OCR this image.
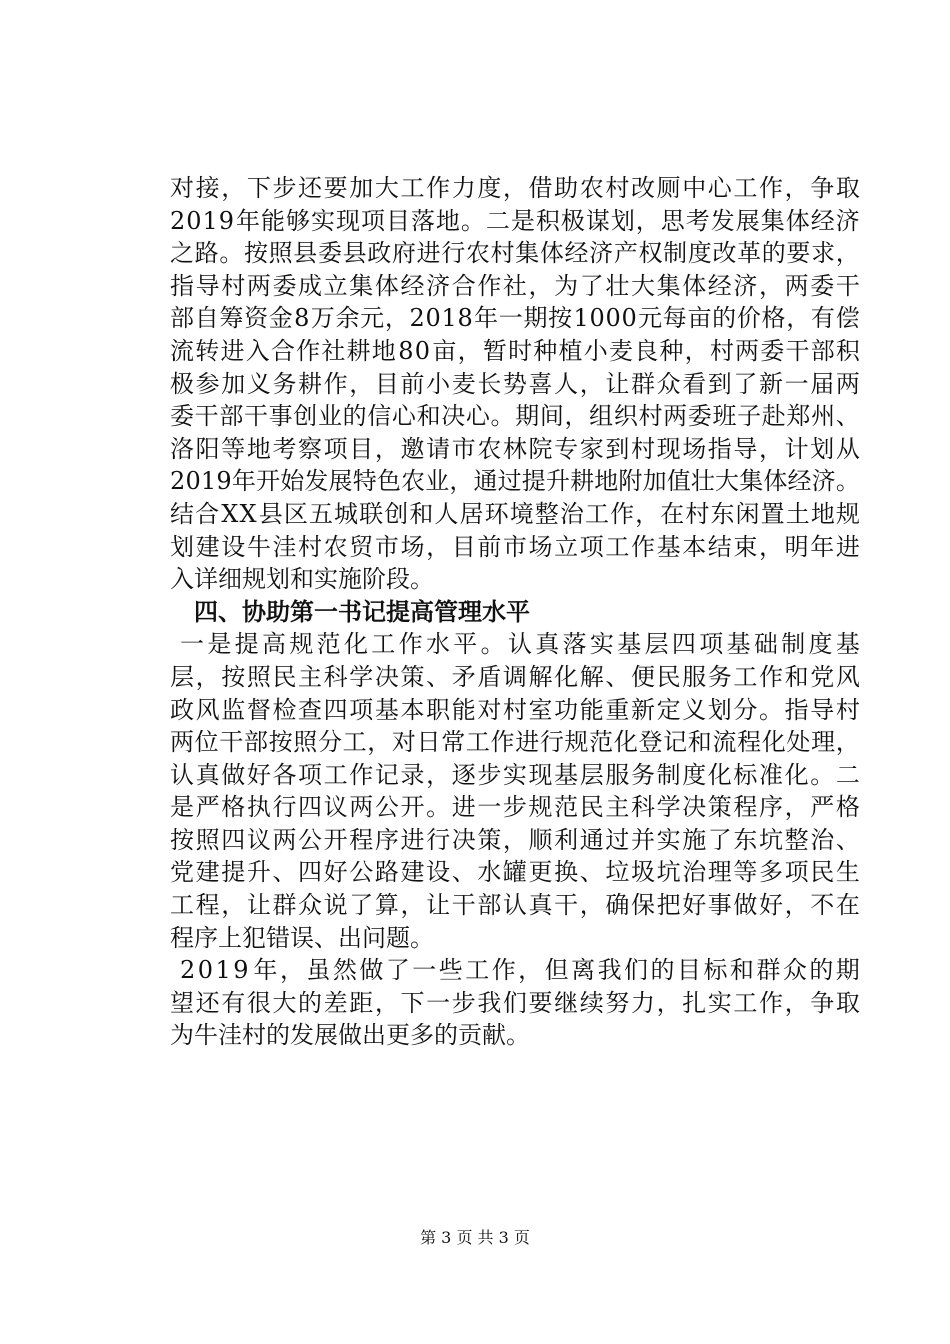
对 接 ， 下 步 还 要 加 大 工 作 力 度 ， 借 助 农 村 改 厕 中 心 工 作 ， 争 取
2 0 1 9 年 能 够 实 现 项 目 落 地 。 二 是 积 极 谋 划 ， 思 考 发 展 集 体 经 济
之 路 。 按 照 县 委 县 政 府 进 行 农 村 集 体 经 济 产 权 制 度 改 革 的 要 求 ，
指 导 村 两 委 成 立 集 体 经 济 合 作 社 ， 为 了 壮 大 集 体 经 济 ， 两 委 干
部 自 筹 资 金 8 万 余 元 ， 2 0 1 8 年 一 期 按 1 0 0 0 元 每 亩 的 价 格 ， 有 偿
流 转 进 入 合 作 社 耕 地 8 0 亩 ， 暂 时 种 植 小 麦 良 种 ， 村 两 委 干 部 积
极 参 加 义 务 耕 作 ， 目 前 小 麦 长 势 喜 人 ， 让 群 众 看 到 了 新 一 届 两
委 干 部 干 事 创 业 的 信 心 和 决 心 。 期 间 ， 组 织 村 两 委 班 子 赴 郑 州 、
洛 阳 等 地 考 察 项 目 ， 邀 请 市 农 林 院 专 家 到 村 现 场 指 导 ， 计 划 从
2 0 1 9 年 开 始 发 展 特 色 农 业 ， 通 过 提 升 耕 地 附 加 值 壮 大 集 体 经 济 。
结 合 X X 县 区 五 城 联 创 和 人 居 环 境 整 治 工 作 ， 在 村 东 闲 置 土 地 规
划 建 设 牛 洼 村 农 贸 市 场 ， 目 前 市 场 立 项 工 作 基 本 结 束 ， 明 年 进
入详细规划和实施阶段。
四、协助第一书记提高管理水平
一 是 提 高 规 范 化 工 作 水 平 。 认 真 落 实 基 层 四 项 基 础 制 度 基
层 ， 按 照 民 主 科 学 决 策 、 矛 盾 调 解 化 解 、 便 民 服 务 工 作 和 党 风
政 风 监 督 检 查 四 项 基 本 职 能 对 村 室 功 能 重 新 定 义 划 分 。 指 导 村
两 位 干 部 按 照 分 工 ， 对 日 常 工 作 进 行 规 范 化 登 记 和 流 程 化 处 理 ，
认 真 做 好 各 项 工 作 记 录 ， 逐 步 实 现 基 层 服 务 制 度 化 标 准 化 。 二
是 严 格 执 行 四 议 两 公 开 。 进 一 步 规 范 民 主 科 学 决 策 程 序 ， 严 格
按 照 四 议 两 公 开 程 序 进 行 决 策 ， 顺 利 通 过 并 实 施 了 东 坑 整 治 、
党 建 提 升 、 四 好 公 路 建 设 、 水 罐 更 换 、 垃 圾 坑 治 理 等 多 项 民 生
工 程 ， 让 群 众 说 了 算 ， 让 干 部 认 真 干 ， 确 保 把 好 事 做 好 ， 不 在
程序上犯错误、出问题。
2 0 1 9 年 ， 虽 然 做 了 一 些 工 作 ， 但 离 我 们 的 目 标 和 群 众 的 期
望 还 有 很 大 的 差 距 ， 下 一 步 我 们 要 继 续 努 力 ， 扎 实 工 作 ， 争 取
为牛洼村的发展做出更多的贡献。
第 3 页 共 3 页
